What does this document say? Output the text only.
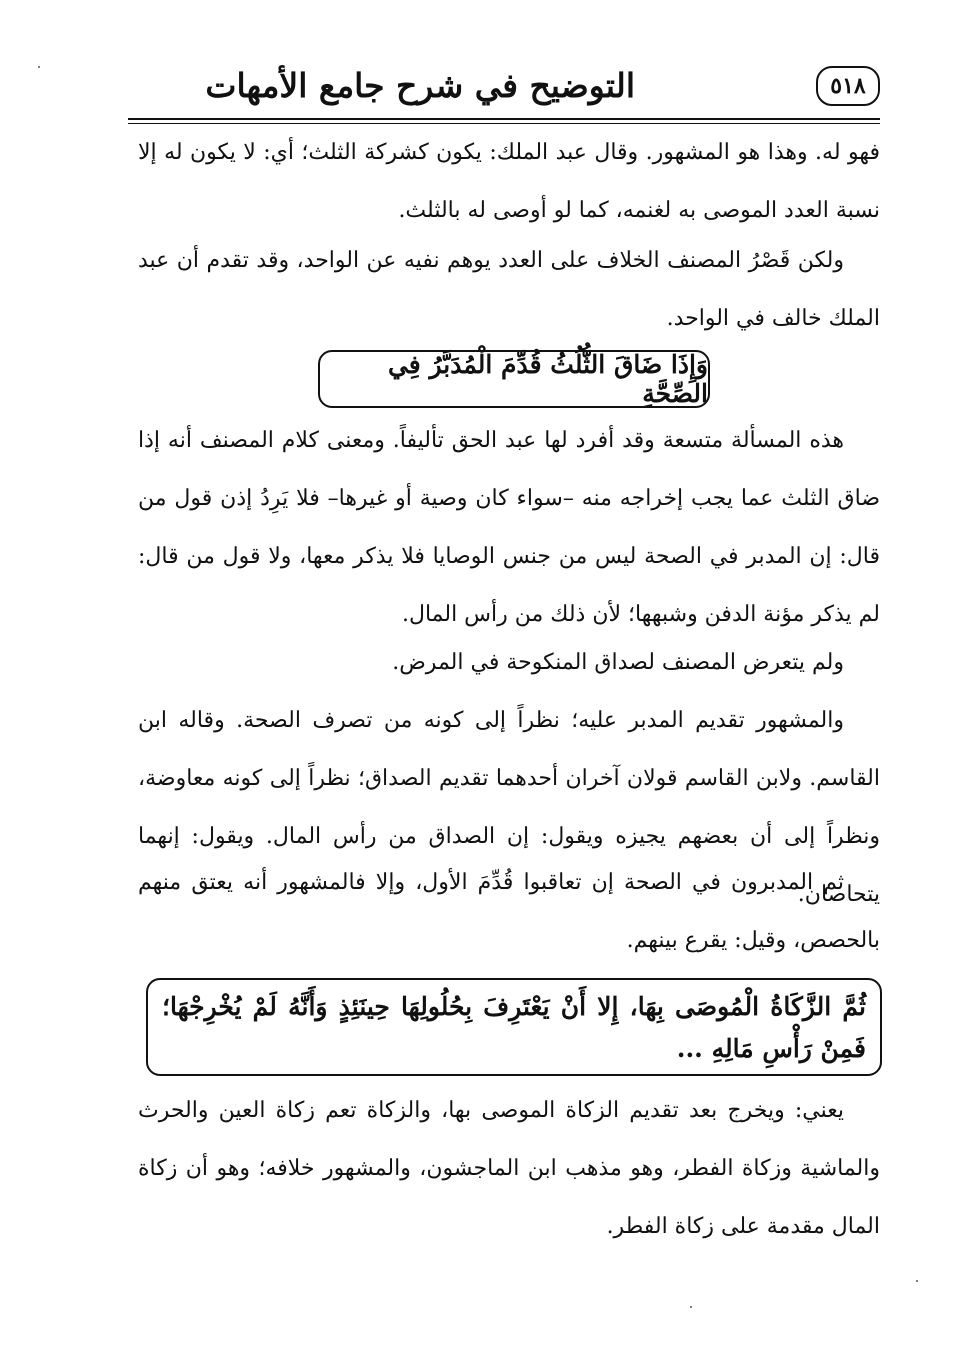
٥١٨
التوضيح في شرح جامع الأمهات

فهو له. وهذا هو المشهور. وقال عبد الملك: يكون كشركة الثلث؛ أي: لا يكون له إلا نسبة العدد الموصى به لغنمه، كما لو أوصى له بالثلث.

ولكن قَصْرُ المصنف الخلاف على العدد يوهم نفيه عن الواحد، وقد تقدم أن عبد الملك خالف في الواحد.

وَإِذَا ضَاقَ الثُّلُثُ قُدِّمَ الْمُدَبَّرُ فِي الصِّحَّةِ

هذه المسألة متسعة وقد أفرد لها عبد الحق تأليفاً. ومعنى كلام المصنف أنه إذا ضاق الثلث عما يجب إخراجه منه –سواء كان وصية أو غيرها– فلا يَرِدُ إذن قول من قال: إن المدبر في الصحة ليس من جنس الوصايا فلا يذكر معها، ولا قول من قال: لم يذكر مؤنة الدفن وشبهها؛ لأن ذلك من رأس المال.

ولم يتعرض المصنف لصداق المنكوحة في المرض.

والمشهور تقديم المدبر عليه؛ نظراً إلى كونه من تصرف الصحة. وقاله ابن القاسم. ولابن القاسم قولان آخران أحدهما تقديم الصداق؛ نظراً إلى كونه معاوضة، ونظراً إلى أن بعضهم يجيزه ويقول: إن الصداق من رأس المال. ويقول: إنهما يتحاصان.

ثم المدبرون في الصحة إن تعاقبوا قُدِّمَ الأول، وإلا فالمشهور أنه يعتق منهم بالحصص، وقيل: يقرع بينهم.

ثُمَّ الزَّكَاةُ الْمُوصَى بِهَا، إِلا أَنْ يَعْتَرِفَ بِحُلُولِهَا حِينَئِذٍ وَأَنَّهُ لَمْ يُخْرِجْهَا؛ فَمِنْ رَأْسِ مَالِهِ ...

يعني: ويخرج بعد تقديم الزكاة الموصى بها، والزكاة تعم زكاة العين والحرث والماشية وزكاة الفطر، وهو مذهب ابن الماجشون، والمشهور خلافه؛ وهو أن زكاة المال مقدمة على زكاة الفطر.
